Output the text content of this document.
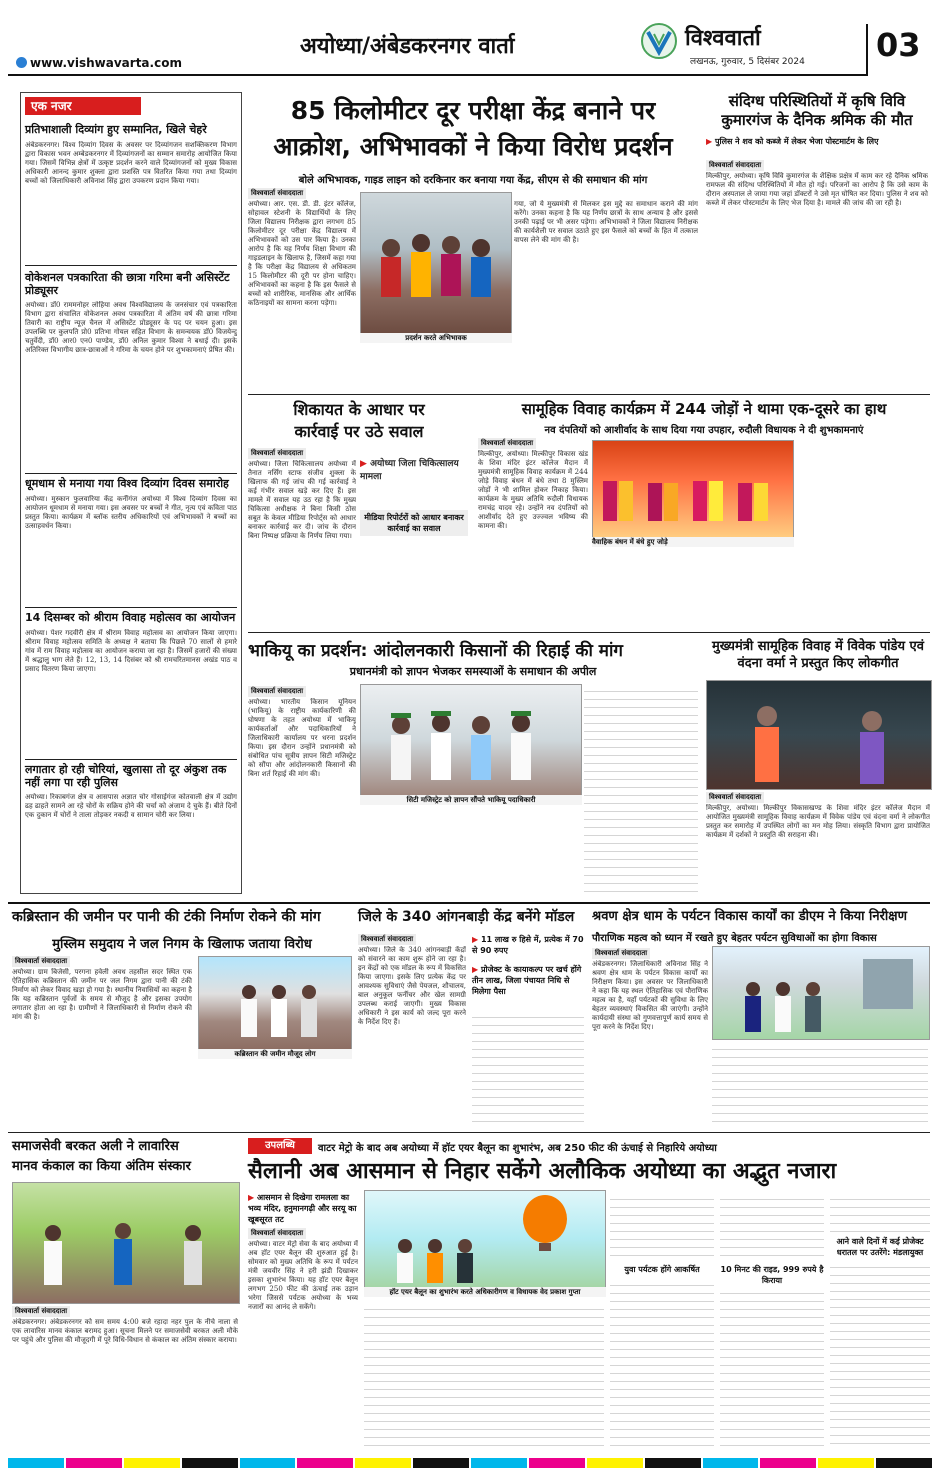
अयोध्या/अंबेडकरनगर वार्ता
www.vishwavarta.com
विश्ववार्ता
लखनऊ, गुरुवार, 5 दिसंबर 2024 03
एक नजर
प्रतिभाशाली दिव्यांग हुए सम्मानित, खिले चेहरे
अंबेडकरनगर। विश्व दिव्यांग दिवस के अवसर पर दिव्यांगजन सशक्तिकरण विभाग द्वारा विकास भवन अम्बेडकरनगर में दिव्यांगजनों का सम्मान समारोह आयोजित किया गया। जिसमें विभिन्न क्षेत्रों में उत्कृष्ट प्रदर्शन करने वाले दिव्यांगजनों को मुख्य विकास अधिकारी आनन्द कुमार शुक्ला द्वारा प्रशस्ति पत्र वितरित किया गया तथा दिव्यांग बच्चों को जिलाधिकारी अविनाश सिंह द्वारा उपकरण प्रदान किया गया।
वोकेशनल पत्रकारिता की छात्रा गरिमा बनी असिस्टेंट प्रोड्यूसर
अयोध्या। डॉ0 राममनोहर लोहिया अवध विश्वविद्यालय के जनसंचार एवं पत्रकारिता विभाग द्वारा संचालित वोकेशनल अवध पत्रकारिता में अंतिम वर्ष की छात्रा गरिमा तिवारी का राष्ट्रीय न्यूज़ चैनल में असिस्टेंट प्रोड्यूसर के पद पर चयन हुआ। इस उपलब्धि पर कुलपति प्रो0 प्रतिभा गोयल सहित विभाग के समन्वयक डॉ0 विजयेन्दु चतुर्वेदी, डॉ0 आर0 एन0 पाण्डेय, डॉ0 अनिल कुमार विश्वा ने बधाई दी। इसके अतिरिक्त विभागीय छात्र-छात्राओं ने गरिमा के चयन होने पर शुभकामनाएं प्रेषित की।
धूमधाम से मनाया गया विश्व दिव्यांग दिवस समारोह
अयोध्या। मुस्कान फुलवारिया केंद्र कर्नीगंज अयोध्या में विश्व दिव्यांग दिवस का आयोजन धूमधाम से मनाया गया। इस अवसर पर बच्चों ने गीत, नृत्य एवं कविता पाठ प्रस्तुत किया। कार्यक्रम में ब्लॉक स्तरीय अधिकारियों एवं अभिभावकों ने बच्चों का उत्साहवर्धन किया।
14 दिसम्बर को श्रीराम विवाह महोत्सव का आयोजन
अयोध्या। पेशर गदवीरी क्षेत्र में श्रीराम विवाह महोत्सव का आयोजन किया जाएगा। श्रीराम विवाह महोत्सव समिति के अध्यक्ष ने बताया कि पिछले 70 सालों से हमारे गांव में राम विवाह महोत्सव का आयोजन कराया जा रहा है। जिसमें हजारों की संख्या में श्रद्धालु भाग लेते हैं। 12, 13, 14 दिसंबर को श्री रामचरितमानस अखंड पाठ व प्रसाद वितरण किया जाएगा।
लगातार हो रही चोरियां, खुलासा तो दूर अंकुश तक नहीं लगा पा रही पुलिस
अयोध्या। रिकाबगंज क्षेत्र व आसपास अज्ञात चोर गोसाईगंज कोतवाली क्षेत्र में उद्योग ढह ढाहते सामने आ रहे चोरों के सक्रिय होने की चर्चा को अंजाम दे चुके हैं। बीते दिनों एक दुकान में चोरों ने ताला तोड़कर नकदी व सामान चोरी कर लिया।
85 किलोमीटर दूर परीक्षा केंद्र बनाने पर
आक्रोश, अभिभावकों ने किया विरोध प्रदर्शन
बोले अभिभावक, गाइड लाइन को दरकिनार कर बनाया गया केंद्र, सीएम से की समाधान की मांग
विश्ववार्ता संवाददाता
अयोध्या। आर. एस. डी. डी. इंटर कॉलेज, सोहावल स्टेशनी के विद्यार्थियों के लिए जिला विद्यालय निरीक्षक द्वारा लगभग 85 किलोमीटर दूर परीक्षा केंद्र विद्यालय में अभिभावकों को उस पार किया है। उनका आरोप है कि यह निर्णय शिक्षा विभाग की गाइडलाइन के खिलाफ है, जिसमें कहा गया है कि परीक्षा केंद्र विद्यालय से अधिकतम 15 किलोमीटर की दूरी पर होना चाहिए। अभिभावकों का कहना है कि इस फैसले से बच्चों को शारीरिक, मानसिक और आर्थिक कठिनाइयों का सामना करना पड़ेगा।
प्रदर्शन करते अभिभावक
गया, जो ये मुख्यमंत्री से मिलकर इस मुद्दे का समाधान कराने की मांग करेंगे। उनका कहना है कि यह निर्णय छात्रों के साथ अन्याय है और इससे उनकी पढ़ाई पर भी असर पड़ेगा। अभिभावकों ने जिला विद्यालय निरीक्षक की कार्यशैली पर सवाल उठाते हुए इस फैसले को बच्चों के हित में तत्काल वापस लेने की मांग की है।
संदिग्ध परिस्थितियों में कृषि विवि कुमारगंज के दैनिक श्रमिक की मौत
▶ पुलिस ने शव को कब्जे में लेकर भेजा पोस्टमार्टम के लिए
विश्ववार्ता संवाददाता
मिल्कीपुर, अयोध्या। कृषि विवि कुमारगंज के शैक्षिक प्रक्षेत्र में काम कर रहे दैनिक श्रमिक रामफल की संदिग्ध परिस्थितियों में मौत हो गई। परिजनों का आरोप है कि उसे काम के दौरान अस्पताल ले जाया गया जहां डॉक्टरों ने उसे मृत घोषित कर दिया। पुलिस ने शव को कब्जे में लेकर पोस्टमार्टम के लिए भेज दिया है। मामले की जांच की जा रही है।
शिकायत के आधार पर
कार्रवाई पर उठे सवाल
विश्ववार्ता संवाददाता
अयोध्या। जिला चिकित्सालय अयोध्या में तैनात नर्सिंग स्टाफ संजीव शुक्ला के खिलाफ की गई जांच की गई कार्रवाई ने कई गंभीर सवाल खड़े कर दिए हैं। इस मामले में सवाल यह उठ रहा है कि मुख्य चिकित्सा अधीक्षक ने बिना किसी ठोस सबूत के केवल मीडिया रिपोर्ट्स को आधार बनाकर कार्रवाई कर दी। जांच के दौरान बिना निष्पक्ष प्रक्रिया के निर्णय लिया गया।
▶ अयोध्या जिला चिकित्सालय मामला
मीडिया रिपोर्टरों को आधार बनाकर कार्रवाई का सवाल
सामूहिक विवाह कार्यक्रम में 244 जोड़ों ने थामा एक-दूसरे का हाथ
नव दंपतियों को आशीर्वाद के साथ दिया गया उपहार, रुदौली विधायक ने दी शुभकामनाएं
विश्ववार्ता संवाददाता
मिल्कीपुर, अयोध्या। मिल्कीपुर विकास खंड के शिवा मंदिर इंटर कॉलेज मैदान में मुख्यमंत्री सामूहिक विवाह कार्यक्रम में 244 जोड़े विवाह बंधन में बंधे तथा 8 मुस्लिम जोड़ों ने भी शामिल होकर निकाह किया। कार्यक्रम के मुख्य अतिथि रुदौली विधायक रामचंद्र यादव रहे। उन्होंने नव दंपतियों को आशीर्वाद देते हुए उज्ज्वल भविष्य की कामना की।
वैवाहिक बंधन में बंधे हुए जोड़े
भाकियू का प्रदर्शन: आंदोलनकारी किसानों की रिहाई की मांग
प्रधानमंत्री को ज्ञापन भेजकर समस्याओं के समाधान की अपील
विश्ववार्ता संवाददाता
अयोध्या। भारतीय किसान यूनियन (भाकियू) के राष्ट्रीय कार्यकारिणी की घोषणा के तहत अयोध्या में भाकियू कार्यकर्ताओं और पदाधिकारियों ने जिलाधिकारी कार्यालय पर धरना प्रदर्शन किया। इस दौरान उन्होंने प्रधानमंत्री को संबोधित पांच सूत्रीय ज्ञापन सिटी मजिस्ट्रेट को सौंपा और आंदोलनकारी किसानों की बिना शर्त रिहाई की मांग की।
सिटी मजिस्ट्रेट को ज्ञापन सौंपते भाकियू पदाधिकारी
मुख्यमंत्री सामूहिक विवाह में विवेक पांडेय एवं वंदना वर्मा ने प्रस्तुत किए लोकगीत
विश्ववार्ता संवाददाता
मिल्कीपुर, अयोध्या। मिल्कीपुर विकासखण्ड के शिवा मंदिर इंटर कॉलेज मैदान में आयोजित मुख्यमंत्री सामूहिक विवाह कार्यक्रम में विवेक पांडेय एवं वंदना वर्मा ने लोकगीत प्रस्तुत कर समारोह में उपस्थित लोगों का मन मोह लिया। संस्कृति विभाग द्वारा प्रायोजित कार्यक्रम में दर्शकों ने प्रस्तुति की सराहना की।
कब्रिस्तान की जमीन पर पानी की टंकी निर्माण रोकने की मांग
मुस्लिम समुदाय ने जल निगम के खिलाफ जताया विरोध
विश्ववार्ता संवाददाता
अयोध्या। ग्राम बिजेसी, परगना हवेली अवध तहसील सदर स्थित एक ऐतिहासिक कब्रिस्तान की जमीन पर जल निगम द्वारा पानी की टंकी निर्माण को लेकर विवाद खड़ा हो गया है। स्थानीय निवासियों का कहना है कि यह कब्रिस्तान पूर्वजों के समय से मौजूद है और इसका उपयोग लगातार होता आ रहा है। ग्रामीणों ने जिलाधिकारी से निर्माण रोकने की मांग की है।
कब्रिस्तान की जमीन मौजूद लोग
जिले के 340 आंगनबाड़ी केंद्र बनेंगे मॉडल
विश्ववार्ता संवाददाता
अयोध्या। जिले के 340 आंगनबाड़ी केंद्रों को संवारने का काम शुरू होने जा रहा है। इन केंद्रों को एक मॉडल के रूप में विकसित किया जाएगा। इसके लिए प्रत्येक केंद्र पर आवश्यक सुविधाएं जैसे पेयजल, शौचालय, बाल अनुकूल फर्नीचर और खेल सामग्री उपलब्ध कराई जाएगी। मुख्य विकास अधिकारी ने इस कार्य को जल्द पूरा करने के निर्देश दिए हैं।
▶ 11 लाख रु हिसे में, प्रत्येक में 70 से 90 रुपए
▶ प्रोजेक्ट के कायाकल्प पर खर्च होंगे तीन लाख, जिला पंचायत निधि से मिलेगा पैसा
श्रवण क्षेत्र धाम के पर्यटन विकास कार्यों का डीएम ने किया निरीक्षण
पौराणिक महत्व को ध्यान में रखते हुए बेहतर पर्यटन सुविधाओं का होगा विकास
विश्ववार्ता संवाददाता
अंबेडकरनगर। जिलाधिकारी अविनाश सिंह ने श्रवण क्षेत्र धाम के पर्यटन विकास कार्यों का निरीक्षण किया। इस अवसर पर जिलाधिकारी ने कहा कि यह स्थल ऐतिहासिक एवं पौराणिक महत्व का है, यहाँ पर्यटकों की सुविधा के लिए बेहतर व्यवस्थाएं विकसित की जाएंगी। उन्होंने कार्यदायी संस्था को गुणवत्तापूर्ण कार्य समय से पूरा करने के निर्देश दिए।
समाजसेवी बरकत अली ने लावारिस
मानव कंकाल का किया अंतिम संस्कार
विश्ववार्ता संवाददाता
अंबेडकरनगर। अंबेडकरनगर को सम समय 4:00 बजे रहादा नहर पुल के नीचे नाला से एक लावारिस मानव कंकाल बरामद हुआ। सूचना मिलने पर समाजसेवी बरकत अली मौके पर पहुंचे और पुलिस की मौजूदगी में पूरे विधि-विधान से कंकाल का अंतिम संस्कार कराया।
उपलब्धि	वाटर मेट्रो के बाद अब अयोध्या में हॉट एयर बैलून का शुभारंभ, अब 250 फीट की ऊंचाई से निहारिये अयोध्या
सैलानी अब आसमान से निहार सकेंगे अलौकिक अयोध्या का अद्भुत नजारा
▶ आसमान से दिखेगा रामलला का भव्य मंदिर, हनुमानगढ़ी और सरयू का खूबसूरत तट
विश्ववार्ता संवाददाता
अयोध्या। वाटर मेट्रो सेवा के बाद अयोध्या में अब हॉट एयर बैलून की शुरुआत हुई है। सोमवार को मुख्य अतिथि के रूप में पर्यटन मंत्री जयवीर सिंह ने हरी झंडी दिखाकर इसका शुभारंभ किया। यह हॉट एयर बैलून लगभग 250 फीट की ऊंचाई तक उड़ान भरेगा जिससे पर्यटक अयोध्या के भव्य नजारों का आनंद ले सकेंगे।
हॉट एयर बैलून का शुभारंभ करते अधिकारीगण व विधायक वेद प्रकाश गुप्ता
युवा पर्यटक होंगे आकर्षित	10 मिनट की राइड, 999 रुपये है किराया
आने वाले दिनों में कई प्रोजेक्ट धरातल पर उतरेंगे: मंडलायुक्त
